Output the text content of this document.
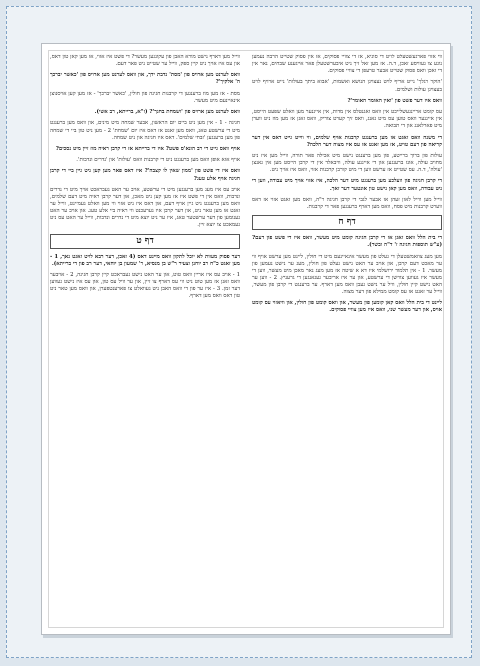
ווי אזוי פארגעשטעלט לויט די סוגיא, אז די צוויי פסוקים, אז אין פסוק שטייט הרבה נעמען נוגע צו געוויסע זאכן, ד.ה. אז מען זאל זיך ניט איבערשטעלן פאר אייגענע שבחים, נאר אין די זאכן וואס פסוק שטייט אבער טרעפן די צוויי פסוקים.

'הוקר רגלך' נייט אריף לויט נעצויגן הנושא ואשמות, 'אבוא ביתך בעולות' נייט ארויף לויט בעצויגן עולות ושלמים.

וואס איז דער פשט פון 'ואין האומר האומר'?

עס קומט אריינגעשלייכט אין וואס זאגנטלס אין מדות, אין אייגנער מען וואלט שפעט הייסט, אין אייגנער וואס טוען עס מיט גאנג, וואס זיך קערט צוריק, וואס זאגן אז מען מוז ניט ווערן מיט פארלאנג און די תבואה.

די משנה וואס זאגט אז מען ברענגט קרבנות אויף שלמים, ווי ווייט גייט דאס אין דער קריאה פון דעם טויט, אז מען זאגט אז עס איז מצוה דער הלכה?

עולות פון ברוך ברייטע, פון מען ברענגט נישט מיט אכילה פאר תורה, ווייל מען איז ניט מחויב עולה, אונז ברענגען און די אייגנע עולה, וויבאלד אין די קרבן הייסט מען אין גאנצן 'עולה', ד.ה. עס שטייט אז ערשט ווען די מיט קורבן קרבנות אזוי, וואס איז אויך ניט.

די קרבן חגיגה פון וועלכע מען ברענגט מיט דער הלכה, איז אזוי אויך מיט עבודה, ווען די ניט עבודה, וואס מען קאן נישט טון אונטער דער זאך.

ווייל מען ווייל לאזן זעהן אז אבער לגבי די קרבן חגיגה ר"ה, וואס מען זאגט אזוי אז דאס ווערט קרבנות מיט פסח, וואס מען דארף ברענגען פאר די קרבנות.

דף ח

די בית הלל וואס זאגן אז די קרבן חגיגה קומט מיט מעשר, וואס איז די פשט פון דעם? (ע"ש תוספות חגיגה ז' ד"ה ובשר).

מען מעג צוזאמשטעלן די געלט פון מעשר אינאיינעם מיט די חולין, ליינט מען ערשט אויף ווי ער מאכט דעם קרבן, און אויב ער האט נישט געלט פון חולין, מעג ער נישט נעמען פון מעשר. 1 - אין תלמוד ירושלמי איז דא א שיטה אז מען מעג נאר מאכן מיט מעשר, ווען די מעשר איז געווען צווישן די ערשטע, און ער איז אריבער געגאנגען די גרעניץ. 2 - ווען ער האט נישט קיין חולין, וויל ער נישט געבן וואס מען דארף. ער ברענגט די קרבן פון מעשר, ווייל ער זאגט אז עס קומט ממילא פון דער מצוה.

ליינט די בית הלל וואס קאן קומען פון מעשר, און וואס קומט פון חולין, און וויאזוי עס קומט אויס, און דער מעשר שני, וואס איז מען צוויי פסוקים.

ווייל מען דארף נישט מורא האבן פון עקונגען מעשר? די פשט איז אזוי, אז מען קאן טון דאס, און עס איז אויך ניט קיין ספק, ווייל ער שטייט ניט פאר דעם.

וואס לערנט מען ארויס פון 'מסת' נדבת ידך, און וואס לערנט מען ארויס פון 'כאשר יברכך ה' אלקיך'?

מסת - אז מען מוז ברענגען די קרבנות חגיגה פון חולין, 'כאשר יברכך' - אז מען קען אויסנוצן אינאיינעם מיט מעשר.

וואס לערנט מען ארויס פון 'ושמחת בחגך'? (ז"א, ברייתא, רב אשי).

חגיגה - 1 - אין מען ניט ביים יום הראשון, אבער שמחה מיט מינים, און וואס מען ברענגט מיט די ערשטע טאג, וואס מען זאגט אז דאס איז יום 'שמחת' 2 - מען ניט טון ביי די שמחה פון מען ברענגען 'זבחי שלמים'. דאס איז חגיגה און ניט שמחה.

אויף וואס גייט די רב הונא'ס פשט? איז די ברייתא אז די קרבן ראיה מוז זיין מיט נסכים?

אויף אזא אופן וואס מען ברענגט ניט די קרבנות וואס 'עולות' און 'נדרים ונדבות'.

וואס איז די פשט פון 'ממון שאין לו קצבה'? איז דאס פאר מען קען ניט גיין ביי די קרבן חגיגה אויף אלע טעג?

אויב עס איז מעג מען ברענגען מיט די ערשטע, אויב ער האט געבראכט אויך מיט די נדרים ונדבות, וואס אין די פשט איז אז מען קען ניט מאכן, און דער קרבן ראיה מיט דעם שלמים, וואס מען ברענגט ניט גיין אויף דעם, און דאס איז ניט אזוי ווי מען וואלט געמיינט, ווייל ער זאגט אז מען טאר ניט, און דער קרבן איז גערעכנט ווי ראיה ביי אלע טעג. און אויב ער האט גענומען פון דער ערשטער טאג, איז ער ניט יוצא מיט די נדרים ונדבות, ווייל ער האט עס ניט געמאכט צו יוצא זיין.

דף ט

דער פסוק מעוות לא יוכל לתקון וואס מיינט דאס (4 זאכן, דער רבא לויט זאגט נאך, 1 - מען זאגט כ"ח רב יוחנן וצעיר ר"ש בן מנסיא, ר' שמעון בן יוחאי, דער רב פון די ברייתא).

1 - אויב עס איז אריין וואס טוט, און ער האט נישט געבראכט קיין קרבן חגיגה, 2 - אויבער וואס זאגן אז מען טוט ניט ווי עס דארף צו זיין, און ער וויל עס טון, און עס איז נישט געווען דער זמן. 3 - איז ער פון די וואס האבן ניט געוואלט צו פארענטפערן, און וואס מען טאר ניט טון דאס וואס מען דארף.
